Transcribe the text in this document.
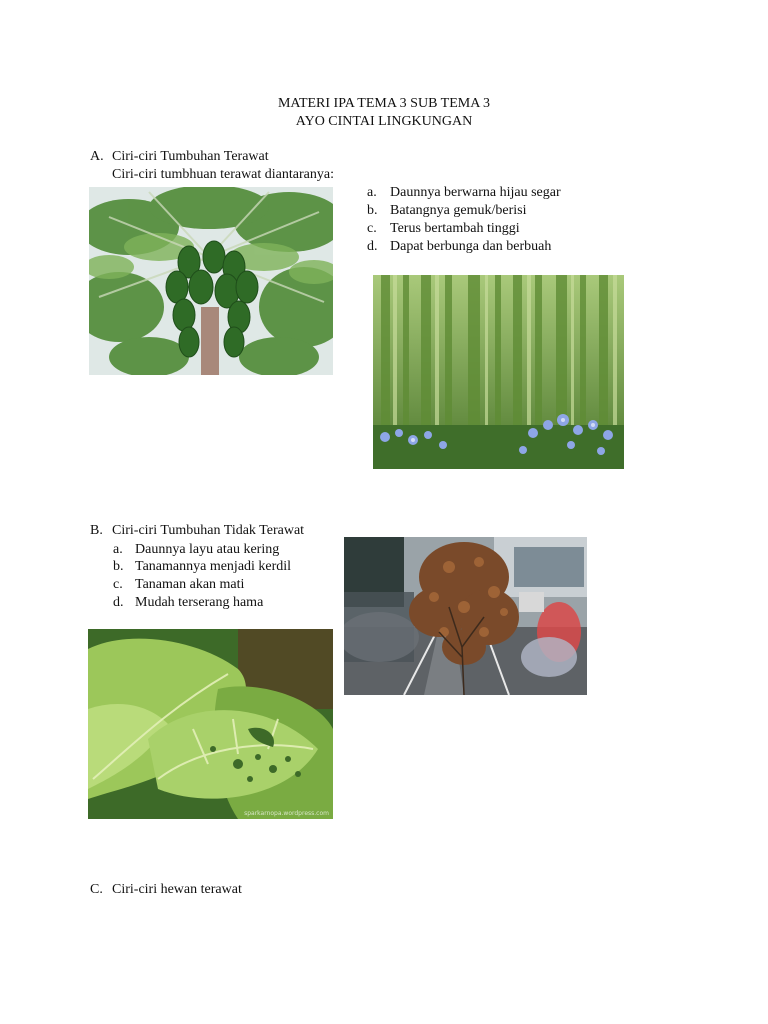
MATERI IPA TEMA 3 SUB TEMA 3
AYO CINTAI LINGKUNGAN
A. Ciri-ciri Tumbuhan Terawat
Ciri-ciri tumbhuan terawat diantaranya:
a. Daunnya berwarna hijau segar
b. Batangnya gemuk/berisi
c. Terus bertambah tinggi
d. Dapat berbunga dan berbuah
B. Ciri-ciri Tumbuhan Tidak Terawat
a. Daunnya layu atau kering
b. Tanamannya menjadi kerdil
c. Tanaman akan mati
d. Mudah terserang hama
sparkarnopa.wordpress.com
C. Ciri-ciri hewan terawat
